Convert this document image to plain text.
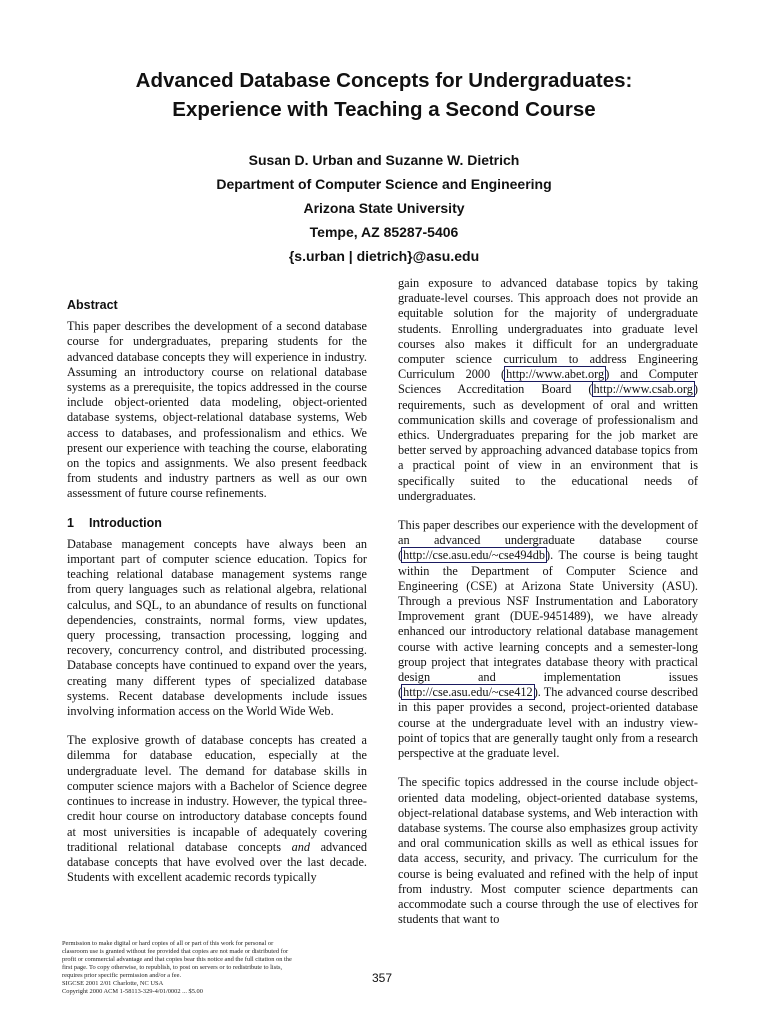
Advanced Database Concepts for Undergraduates:
Experience with Teaching a Second Course
Susan D. Urban and Suzanne W. Dietrich
Department of Computer Science and Engineering
Arizona State University
Tempe, AZ 85287-5406
{s.urban | dietrich}@asu.edu
Abstract

This paper describes the development of a second database course for undergraduates, preparing students for the advanced database concepts they will experience in industry. Assuming an introductory course on relational database systems as a prerequisite, the topics addressed in the course include object-oriented data modeling, object-oriented database systems, object-relational database systems, Web access to databases, and professionalism and ethics. We present our experience with teaching the course, elaborating on the topics and assignments. We also present feedback from students and industry partners as well as our own assessment of future course refinements.

1 Introduction

Database management concepts have always been an important part of computer science education. Topics for teaching relational database management systems range from query languages such as relational algebra, relational calculus, and SQL, to an abundance of results on functional dependencies, constraints, normal forms, view updates, query processing, transaction processing, logging and recovery, concurrency control, and distributed processing. Database concepts have continued to expand over the years, creating many different types of specialized database systems. Recent database developments include issues involving information access on the World Wide Web.

The explosive growth of database concepts has created a dilemma for database education, especially at the undergraduate level. The demand for database skills in computer science majors with a Bachelor of Science degree continues to increase in industry. However, the typical three-credit hour course on introductory database concepts found at most universities is incapable of adequately covering traditional relational database concepts and advanced database concepts that have evolved over the last decade. Students with excellent academic records typically

gain exposure to advanced database topics by taking graduate-level courses. This approach does not provide an equitable solution for the majority of undergraduate students. Enrolling undergraduates into graduate level courses also makes it difficult for an undergraduate computer science curriculum to address Engineering Curriculum 2000 (http://www.abet.org) and Computer Sciences Accreditation Board (http://www.csab.org) requirements, such as development of oral and written communication skills and coverage of professionalism and ethics. Undergraduates preparing for the job market are better served by approaching advanced database topics from a practical point of view in an environment that is specifically suited to the educational needs of undergraduates.

This paper describes our experience with the development of an advanced undergraduate database course (http://cse.asu.edu/~cse494db). The course is being taught within the Department of Computer Science and Engineering (CSE) at Arizona State University (ASU). Through a previous NSF Instrumentation and Laboratory Improvement grant (DUE-9451489), we have already enhanced our introductory relational database management course with active learning concepts and a semester-long group project that integrates database theory with practical design and implementation issues (http://cse.asu.edu/~cse412). The advanced course described in this paper provides a second, project-oriented database course at the undergraduate level with an industry view-point of topics that are generally taught only from a research perspective at the graduate level.

The specific topics addressed in the course include object-oriented data modeling, object-oriented database systems, object-relational database systems, and Web interaction with database systems. The course also emphasizes group activity and oral communication skills as well as ethical issues for data access, security, and privacy. The curriculum for the course is being evaluated and refined with the help of input from industry. Most computer science departments can accommodate such a course through the use of electives for students that want to

Permission to make digital or hard copies of all or part of this work for personal or
classroom use is granted without fee provided that copies are not made or distributed for
profit or commercial advantage and that copies bear this notice and the full citation on the
first page. To copy otherwise, to republish, to post on servers or to redistribute to lists,
requires prior specific permission and/or a fee.
SIGCSE 2001 2/01 Charlotte, NC USA
Copyright 2000 ACM 1-58113-329-4/01/0002 ... $5.00
357
